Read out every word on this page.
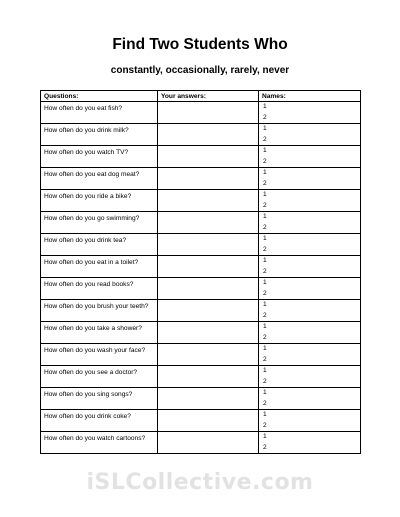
Find Two Students Who
constantly, occasionally, rarely, never
Questions:	Your answers:	Names:

How often do you eat fish?		1
2

How often do you drink milk?		1
2

How often do you watch TV?		1
2

How often do you eat dog meat?		1
2

How often do you ride a bike?		1
2

How often do you go swimming?		1
2

How often do you drink tea?		1
2

How often do you eat in a toilet?		1
2

How often do you read books?		1
2

How often do you brush your teeth?		1
2

How often do you take a shower?		1
2

How often do you wash your face?		1
2

How often do you see a doctor?		1
2

How often do you sing songs?		1
2

How often do you drink coke?		1
2

How often do you watch cartoons?		1
2
iSLCollective.com
